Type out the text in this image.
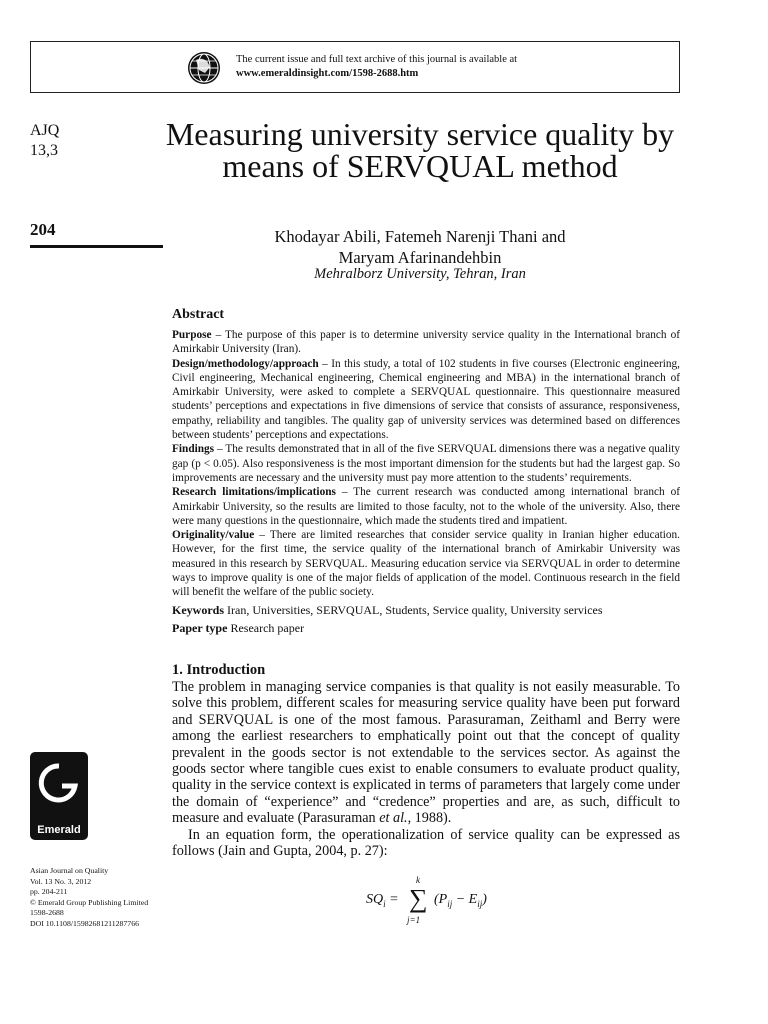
The current issue and full text archive of this journal is available at
www.emeraldinsight.com/1598-2688.htm
AJQ
13,3
204
Measuring university service quality by means of SERVQUAL method
Khodayar Abili, Fatemeh Narenji Thani and
Maryam Afarinandehbin
Mehralborz University, Tehran, Iran
Abstract

Purpose – The purpose of this paper is to determine university service quality in the International branch of Amirkabir University (Iran).

Design/methodology/approach – In this study, a total of 102 students in five courses (Electronic engineering, Civil engineering, Mechanical engineering, Chemical engineering and MBA) in the international branch of Amirkabir University, were asked to complete a SERVQUAL questionnaire. This questionnaire measured students’ perceptions and expectations in five dimensions of service that consists of assurance, responsiveness, empathy, reliability and tangibles. The quality gap of university services was determined based on differences between students’ perceptions and expectations.

Findings – The results demonstrated that in all of the five SERVQUAL dimensions there was a negative quality gap (p < 0.05). Also responsiveness is the most important dimension for the students but had the largest gap. So improvements are necessary and the university must pay more attention to the students’ requirements.

Research limitations/implications – The current research was conducted among international branch of Amirkabir University, so the results are limited to those faculty, not to the whole of the university. Also, there were many questions in the questionnaire, which made the students tired and impatient.

Originality/value – There are limited researches that consider service quality in Iranian higher education. However, for the first time, the service quality of the international branch of Amirkabir University was measured in this research by SERVQUAL. Measuring education service via SERVQUAL in order to determine ways to improve quality is one of the major fields of application of the model. Continuous research in the field will benefit the welfare of the public society.

Keywords Iran, Universities, SERVQUAL, Students, Service quality, University services

Paper type Research paper

1. Introduction

The problem in managing service companies is that quality is not easily measurable. To solve this problem, different scales for measuring service quality have been put forward and SERVQUAL is one of the most famous. Parasuraman, Zeithaml and Berry were among the earliest researchers to emphatically point out that the concept of quality prevalent in the goods sector is not extendable to the services sector. As against the goods sector where tangible cues exist to enable consumers to evaluate product quality, quality in the service context is explicated in terms of parameters that largely come under the domain of “experience” and “credence” properties and are, as such, difficult to measure and evaluate (Parasuraman et al., 1988).

In an equation form, the operationalization of service quality can be expressed as follows (Jain and Gupta, 2004, p. 27):

$SQ_i$ =
k
∑
j=1
$(P_{ij} - E_{ij})$
Emerald
Asian Journal on Quality
Vol. 13 No. 3, 2012
pp. 204-211
© Emerald Group Publishing Limited
1598-2688
DOI 10.1108/15982681211287766
